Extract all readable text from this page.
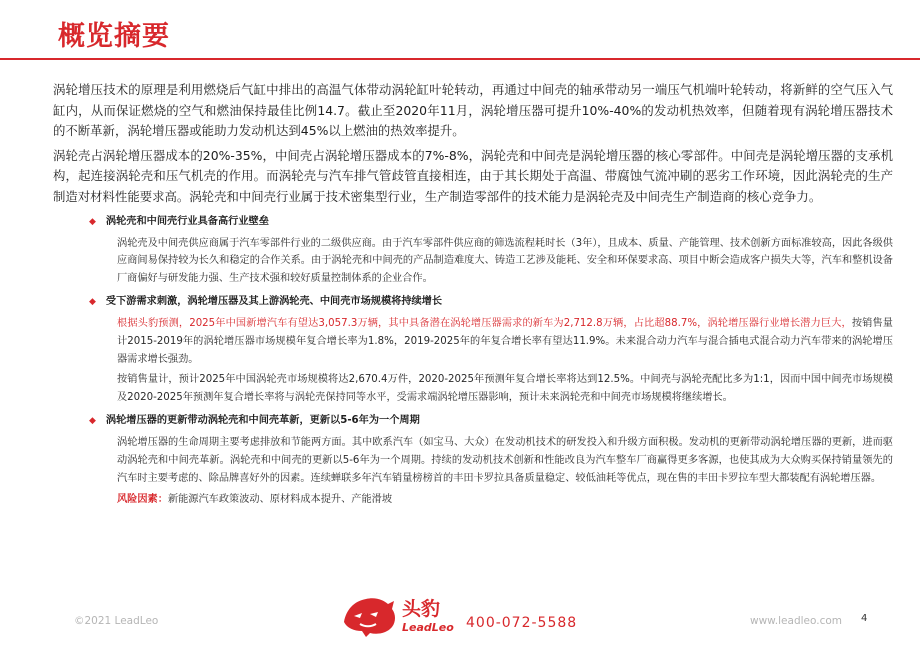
概览摘要

涡轮增压技术的原理是利用燃烧后气缸中排出的高温气体带动涡轮缸叶轮转动，再通过中间壳的轴承带动另一端压气机端叶轮转动，将新鲜的空气压入气缸内，从而保证燃烧的空气和燃油保持最佳比例14.7。截止至2020年11月，涡轮增压器可提升10%-40%的发动机热效率，但随着现有涡轮增压器技术的不断革新，涡轮增压器或能助力发动机达到45%以上燃油的热效率提升。

涡轮壳占涡轮增压器成本的20%-35%，中间壳占涡轮增压器成本的7%-8%，涡轮壳和中间壳是涡轮增压器的核心零部件。中间壳是涡轮增压器的支承机构，起连接涡轮壳和压气机壳的作用。而涡轮壳与汽车排气管歧管直接相连，由于其长期处于高温、带腐蚀气流冲刷的恶劣工作环境，因此涡轮壳的生产制造对材料性能要求高。涡轮壳和中间壳行业属于技术密集型行业，生产制造零部件的技术能力是涡轮壳及中间壳生产制造商的核心竞争力。

◆ 涡轮壳和中间壳行业具备高行业壁垒

涡轮壳及中间壳供应商属于汽车零部件行业的二级供应商。由于汽车零部件供应商的筛选流程耗时长（3年），且成本、质量、产能管理、技术创新方面标准较高，因此各级供应商间易保持较为长久和稳定的合作关系。由于涡轮壳和中间壳的产品制造难度大、铸造工艺涉及能耗、安全和环保要求高、项目中断会造成客户损失大等，汽车和整机设备厂商偏好与研发能力强、生产技术强和较好质量控制体系的企业合作。

◆ 受下游需求刺激，涡轮增压器及其上游涡轮壳、中间壳市场规模将持续增长

根据头豹预测，2025年中国新增汽车有望达3,057.3万辆，其中具备潜在涡轮增压器需求的新车为2,712.8万辆，占比超88.7%，涡轮增压器行业增长潜力巨大，按销售量计2015-2019年的涡轮增压器市场规模年复合增长率为1.8%，2019-2025年的年复合增长率有望达11.9%。未来混合动力汽车与混合插电式混合动力汽车带来的涡轮增压器需求增长强劲。

按销售量计，预计2025年中国涡轮壳市场规模将达2,670.4万件，2020-2025年预测年复合增长率将达到12.5%。中间壳与涡轮壳配比多为1:1，因而中国中间壳市场规模及2020-2025年预测年复合增长率将与涡轮壳保持同等水平，受需求端涡轮增压器影响，预计未来涡轮壳和中间壳市场规模将继续增长。

◆ 涡轮增压器的更新带动涡轮壳和中间壳革新，更新以5-6年为一个周期

涡轮增压器的生命周期主要考虑排放和节能两方面。其中欧系汽车（如宝马、大众）在发动机技术的研发投入和升级方面积极。发动机的更新带动涡轮增压器的更新，进而驱动涡轮壳和中间壳革新。涡轮壳和中间壳的更新以5-6年为一个周期。持续的发动机技术创新和性能改良为汽车整车厂商赢得更多客源，也使其成为大众购买保持销量领先的汽车时主要考虑的、除品牌喜好外的因素。连续蝉联多年汽车销量榜榜首的丰田卡罗拉具备质量稳定、较低油耗等优点，现在售的丰田卡罗拉车型大都装配有涡轮增压器。

风险因素：新能源汽车政策波动、原材料成本提升、产能滑坡

©2021 LeadLeo
头豹
LeadLeo 400-072-5588	www.leadleo.com 4
